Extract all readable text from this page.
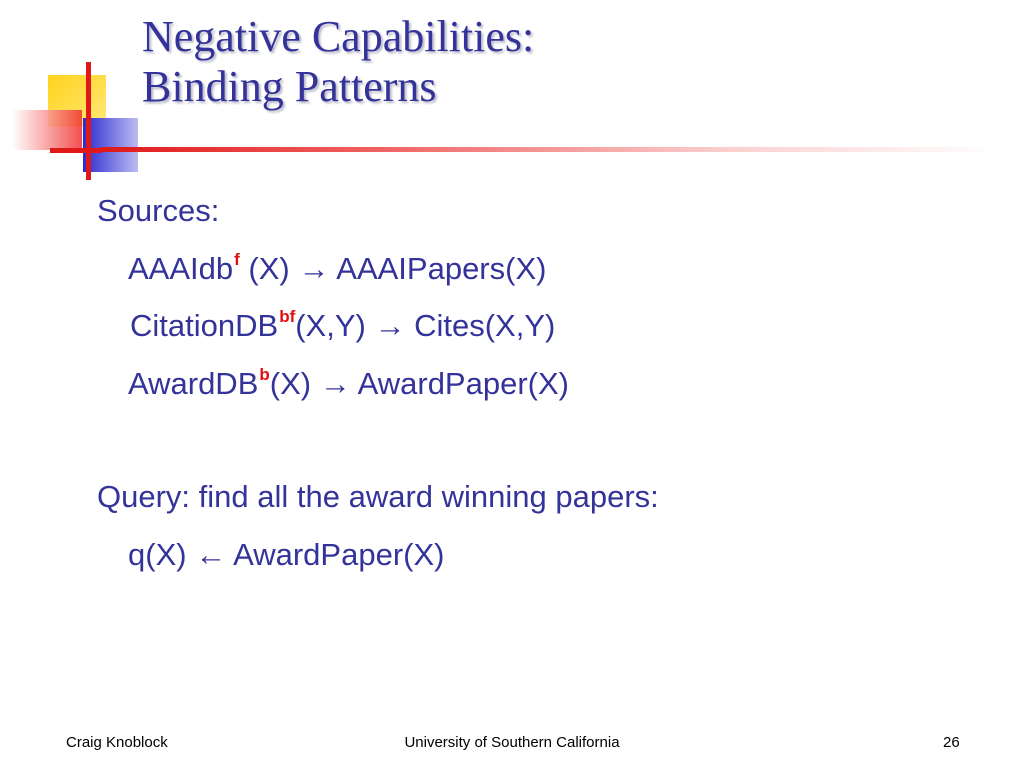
Negative Capabilities:
Binding Patterns
Sources:
AAAIdb$^f$ (X) → AAAIPapers(X)
CitationDB$^{bf}$(X,Y) → Cites(X,Y)
AwardDB$^b$(X) → AwardPaper(X)
Query: find all the award winning papers:
q(X) ← AwardPaper(X)
Craig Knoblock	University of Southern California	26
